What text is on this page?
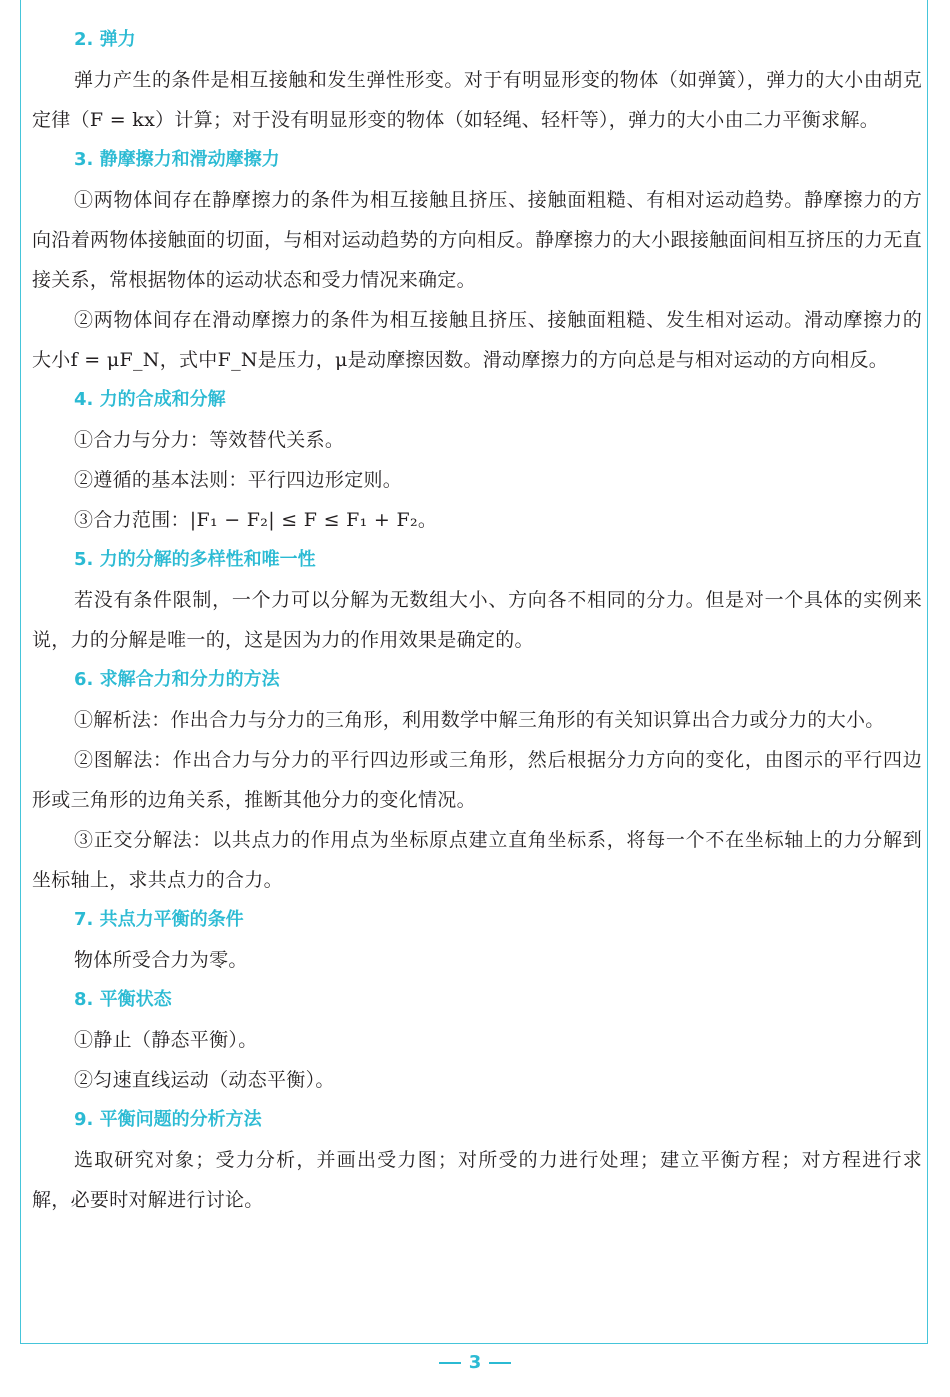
2. 弹力

弹力产生的条件是相互接触和发生弹性形变。对于有明显形变的物体（如弹簧），弹力的大小由胡克定律（F = kx）计算；对于没有明显形变的物体（如轻绳、轻杆等），弹力的大小由二力平衡求解。

3. 静摩擦力和滑动摩擦力

①两物体间存在静摩擦力的条件为相互接触且挤压、接触面粗糙、有相对运动趋势。静摩擦力的方向沿着两物体接触面的切面，与相对运动趋势的方向相反。静摩擦力的大小跟接触面间相互挤压的力无直接关系，常根据物体的运动状态和受力情况来确定。

②两物体间存在滑动摩擦力的条件为相互接触且挤压、接触面粗糙、发生相对运动。滑动摩擦力的大小f = μF_N，式中F_N是压力，μ是动摩擦因数。滑动摩擦力的方向总是与相对运动的方向相反。

4. 力的合成和分解

①合力与分力：等效替代关系。

②遵循的基本法则：平行四边形定则。

③合力范围：|F₁ − F₂| ≤ F ≤ F₁ + F₂。

5. 力的分解的多样性和唯一性

若没有条件限制，一个力可以分解为无数组大小、方向各不相同的分力。但是对一个具体的实例来说，力的分解是唯一的，这是因为力的作用效果是确定的。

6. 求解合力和分力的方法

①解析法：作出合力与分力的三角形，利用数学中解三角形的有关知识算出合力或分力的大小。

②图解法：作出合力与分力的平行四边形或三角形，然后根据分力方向的变化，由图示的平行四边形或三角形的边角关系，推断其他分力的变化情况。

③正交分解法：以共点力的作用点为坐标原点建立直角坐标系，将每一个不在坐标轴上的力分解到坐标轴上，求共点力的合力。

7. 共点力平衡的条件

物体所受合力为零。

8. 平衡状态

①静止（静态平衡）。

②匀速直线运动（动态平衡）。

9. 平衡问题的分析方法

选取研究对象；受力分析，并画出受力图；对所受的力进行处理；建立平衡方程；对方程进行求解，必要时对解进行讨论。

3
